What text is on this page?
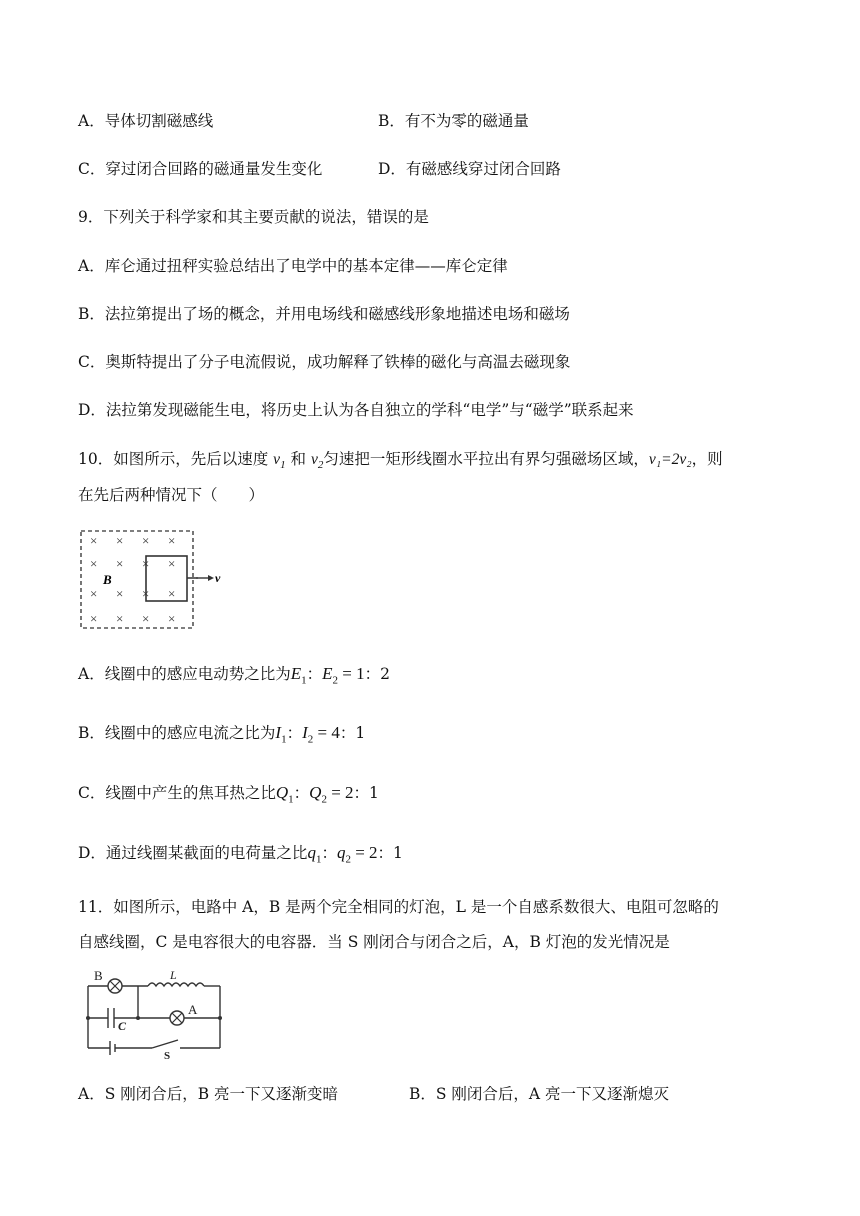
A．导体切割磁感线	B．有不为零的磁通量
C．穿过闭合回路的磁通量发生变化	D．有磁感线穿过闭合回路
9．下列关于科学家和其主要贡献的说法，错误的是
A．库仑通过扭秤实验总结出了电学中的基本定律——库仑定律
B．法拉第提出了场的概念，并用电场线和磁感线形象地描述电场和磁场
C．奥斯特提出了分子电流假说，成功解释了铁棒的磁化与高温去磁现象
D．法拉第发现磁能生电，将历史上认为各自独立的学科“电学”与“磁学”联系起来
10．如图所示，先后以速度 $v_1$ 和 $v_2$匀速把一矩形线圈水平拉出有界匀强磁场区域，v₁=2v₂，则
在先后两种情况下（　　）
× × × ×
× × × ×
× × × ×
× × × ×
B	v
A．线圈中的感应电动势之比为$E_1$：$E_2 = 1$：2
B．线圈中的感应电流之比为$I_1$：$I_2 = 4$：1
C．线圈中产生的焦耳热之比$Q_1$：$Q_2 = 2$：1
D．通过线圈某截面的电荷量之比$q_1$：$q_2 = 2$：1
11．如图所示，电路中 A，B 是两个完全相同的灯泡，L 是一个自感系数很大、电阻可忽略的
自感线圈，C 是电容很大的电容器．当 S 刚闭合与闭合之后，A，B 灯泡的发光情况是
B	L
A
C
S
A．S 刚闭合后，B 亮一下又逐渐变暗	B．S 刚闭合后，A 亮一下又逐渐熄灭
